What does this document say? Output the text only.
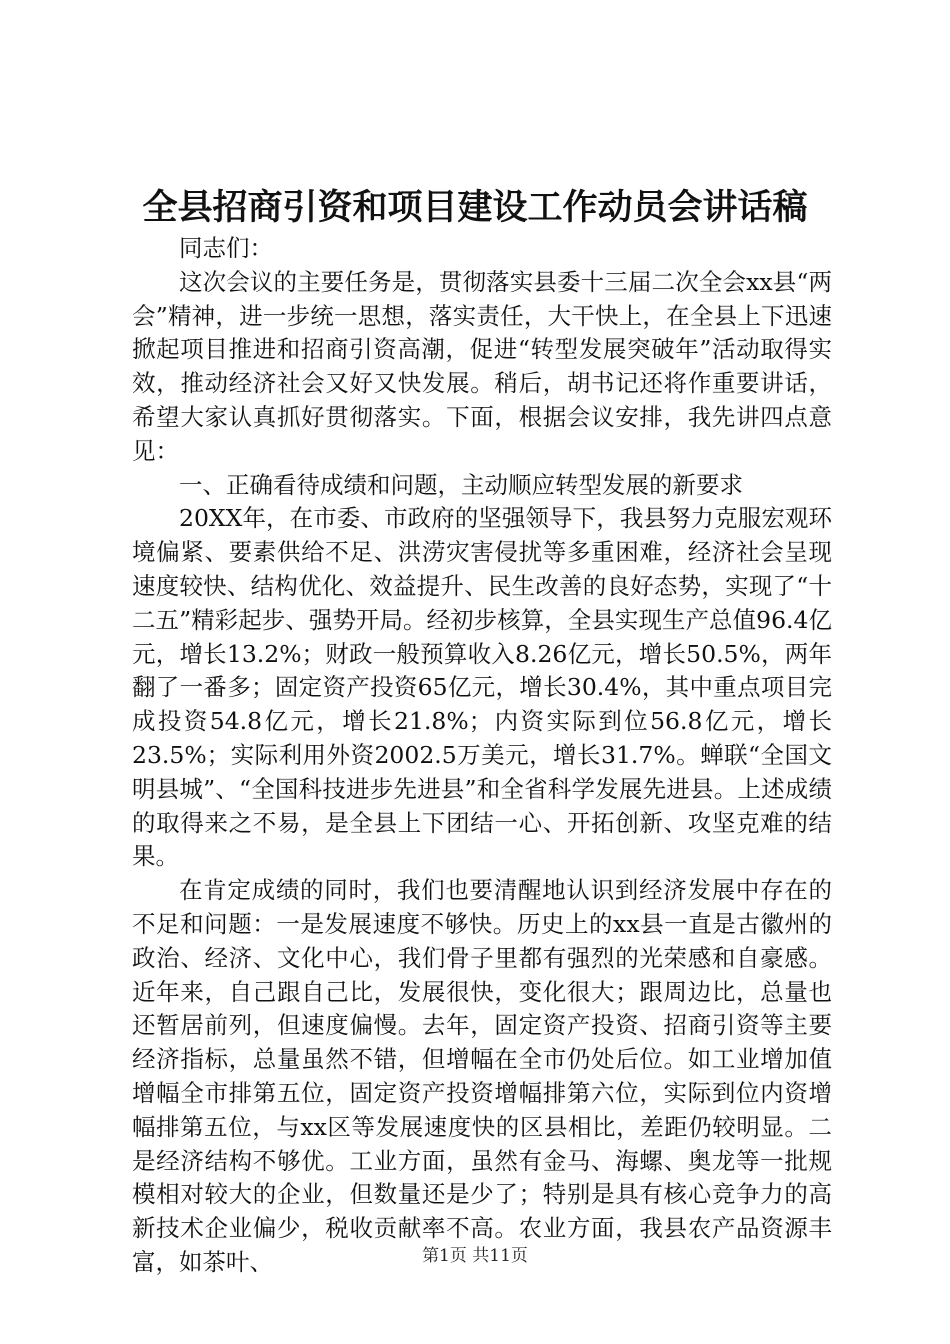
全县招商引资和项目建设工作动员会讲话稿

同志们：

这次会议的主要任务是，贯彻落实县委十三届二次全会xx县“两会”精神，进一步统一思想，落实责任，大干快上，在全县上下迅速掀起项目推进和招商引资高潮，促进“转型发展突破年”活动取得实效，推动经济社会又好又快发展。稍后，胡书记还将作重要讲话，希望大家认真抓好贯彻落实。下面，根据会议安排，我先讲四点意见：

一、正确看待成绩和问题，主动顺应转型发展的新要求

20XX年，在市委、市政府的坚强领导下，我县努力克服宏观环境偏紧、要素供给不足、洪涝灾害侵扰等多重困难，经济社会呈现速度较快、结构优化、效益提升、民生改善的良好态势，实现了“十二五”精彩起步、强势开局。经初步核算，全县实现生产总值96.4亿元，增长13.2%；财政一般预算收入8.26亿元，增长50.5%，两年翻了一番多；固定资产投资65亿元，增长30.4%，其中重点项目完成投资54.8亿元，增长21.8%；内资实际到位56.8亿元，增长23.5%；实际利用外资2002.5万美元，增长31.7%。蝉联“全国文明县城”、“全国科技进步先进县”和全省科学发展先进县。上述成绩的取得来之不易，是全县上下团结一心、开拓创新、攻坚克难的结果。

在肯定成绩的同时，我们也要清醒地认识到经济发展中存在的不足和问题：一是发展速度不够快。历史上的xx县一直是古徽州的政治、经济、文化中心，我们骨子里都有强烈的光荣感和自豪感。近年来，自己跟自己比，发展很快，变化很大；跟周边比，总量也还暂居前列，但速度偏慢。去年，固定资产投资、招商引资等主要经济指标，总量虽然不错，但增幅在全市仍处后位。如工业增加值增幅全市排第五位，固定资产投资增幅排第六位，实际到位内资增幅排第五位，与xx区等发展速度快的区县相比，差距仍较明显。二是经济结构不够优。工业方面，虽然有金马、海螺、奥龙等一批规模相对较大的企业，但数量还是少了；特别是具有核心竞争力的高新技术企业偏少，税收贡献率不高。农业方面，我县农产品资源丰富，如茶叶、	第1页 共11页
